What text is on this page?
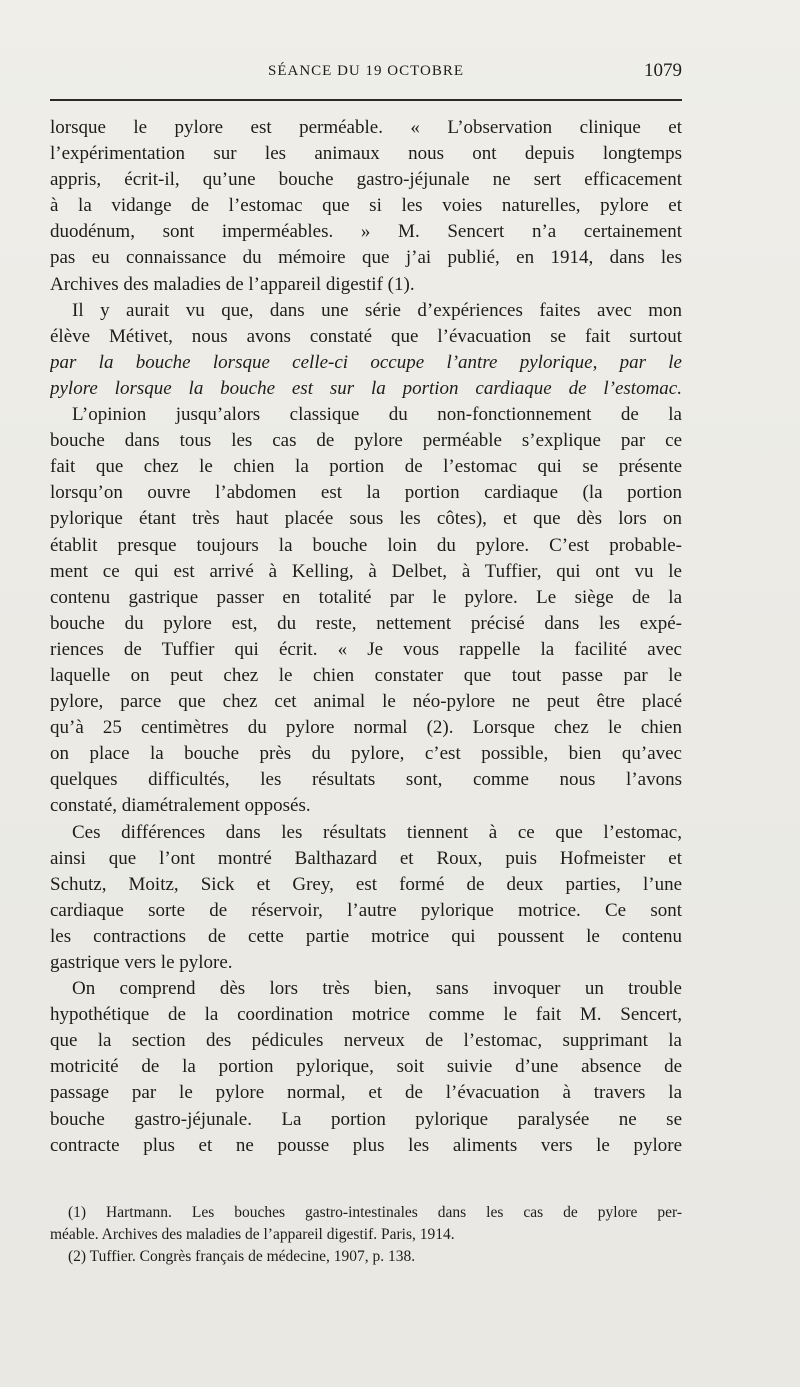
SÉANCE DU 19 OCTOBRE	1079
lorsque le pylore est perméable. « L’observation clinique et
l’expérimentation sur les animaux nous ont depuis longtemps
appris, écrit-il, qu’une bouche gastro-jéjunale ne sert efficacement
à la vidange de l’estomac que si les voies naturelles, pylore et
duodénum, sont imperméables. » M. Sencert n’a certainement
pas eu connaissance du mémoire que j’ai publié, en 1914, dans les
Archives des maladies de l’appareil digestif (1).
Il y aurait vu que, dans une série d’expériences faites avec mon
élève Métivet, nous avons constaté que l’évacuation se fait surtout
par la bouche lorsque celle-ci occupe l’antre pylorique, par le
pylore lorsque la bouche est sur la portion cardiaque de l’estomac.
L’opinion jusqu’alors classique du non-fonctionnement de la
bouche dans tous les cas de pylore perméable s’explique par ce
fait que chez le chien la portion de l’estomac qui se présente
lorsqu’on ouvre l’abdomen est la portion cardiaque (la portion
pylorique étant très haut placée sous les côtes), et que dès lors on
établit presque toujours la bouche loin du pylore. C’est probable-
ment ce qui est arrivé à Kelling, à Delbet, à Tuffier, qui ont vu le
contenu gastrique passer en totalité par le pylore. Le siège de la
bouche du pylore est, du reste, nettement précisé dans les expé-
riences de Tuffier qui écrit. « Je vous rappelle la facilité avec
laquelle on peut chez le chien constater que tout passe par le
pylore, parce que chez cet animal le néo-pylore ne peut être placé
qu’à 25 centimètres du pylore normal (2). Lorsque chez le chien
on place la bouche près du pylore, c’est possible, bien qu’avec
quelques difficultés, les résultats sont, comme nous l’avons
constaté, diamétralement opposés.
Ces différences dans les résultats tiennent à ce que l’estomac,
ainsi que l’ont montré Balthazard et Roux, puis Hofmeister et
Schutz, Moitz, Sick et Grey, est formé de deux parties, l’une
cardiaque sorte de réservoir, l’autre pylorique motrice. Ce sont
les contractions de cette partie motrice qui poussent le contenu
gastrique vers le pylore.
On comprend dès lors très bien, sans invoquer un trouble
hypothétique de la coordination motrice comme le fait M. Sencert,
que la section des pédicules nerveux de l’estomac, supprimant la
motricité de la portion pylorique, soit suivie d’une absence de
passage par le pylore normal, et de l’évacuation à travers la
bouche gastro-jéjunale. La portion pylorique paralysée ne se
contracte plus et ne pousse plus les aliments vers le pylore
(1) Hartmann. Les bouches gastro-intestinales dans les cas de pylore per-
méable. Archives des maladies de l’appareil digestif. Paris, 1914.
(2) Tuffier. Congrès français de médecine, 1907, p. 138.
